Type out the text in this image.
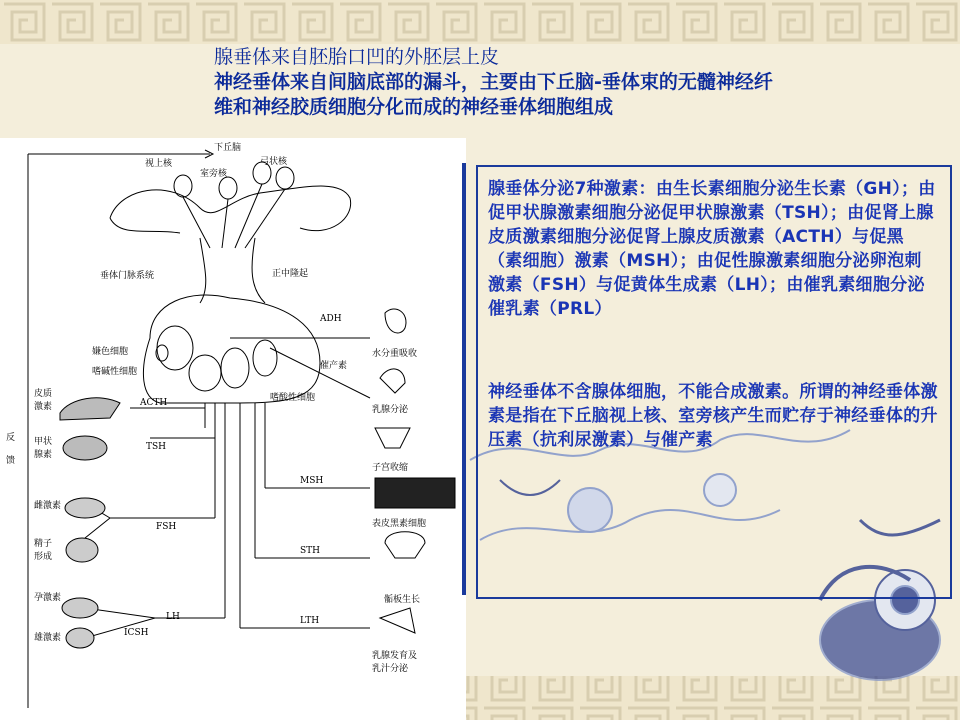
腺垂体来自胚胎口凹的外胚层上皮
神经垂体来自间脑底部的漏斗，主要由下丘脑-垂体束的无髓神经纤
维和神经胶质细胞分化而成的神经垂体细胞组成
下丘脑
视上核
室旁核
弓状核
垂体门脉系统	正中隆起
嫌色细胞
嗜碱性细胞
嗜酸性细胞
ADH
催产素
水分重吸收
乳腺分泌
子宫收缩
ACTH
皮质
激素
甲状
腺素
TSH
雌激素
精子
形成
FSH
孕激素
LH
ICSH
雄激素
反

馈
MSH
表皮黑素细胞
STH
骺板生长
LTH
乳腺发育及
乳汁分泌
腺垂体分泌7种激素：由生长素细胞分泌生长素（GH）；由促甲状腺激素细胞分泌促甲状腺激素（TSH）；由促肾上腺皮质激素细胞分泌促肾上腺皮质激素（ACTH）与促黑（素细胞）激素（MSH）；由促性腺激素细胞分泌卵泡刺激素（FSH）与促黄体生成素（LH）；由催乳素细胞分泌催乳素（PRL）
神经垂体不含腺体细胞，不能合成激素。所谓的神经垂体激素是指在下丘脑视上核、室旁核产生而贮存于神经垂体的升压素（抗利尿激素）与催产素
